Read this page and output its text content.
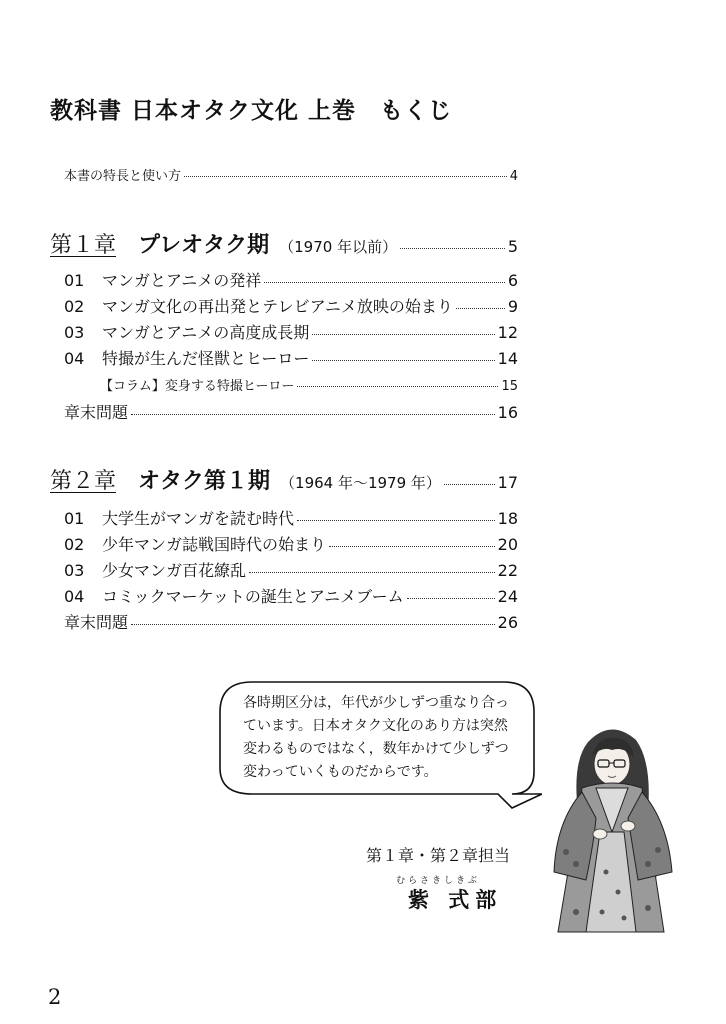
教科書 日本オタク文化 上巻　もくじ
本書の特長と使い方	4
第１章 プレオタク期 （1970 年以前）	5
01 マンガとアニメの発祥	6
02 マンガ文化の再出発とテレビアニメ放映の始まり	9
03 マンガとアニメの高度成長期	12
04 特撮が生んだ怪獣とヒーロー	14
【コラム】変身する特撮ヒーロー	15
章末問題	16
第２章 オタク第１期 （1964 年〜1979 年）	17
01 大学生がマンガを読む時代	18
02 少年マンガ誌戦国時代の始まり	20
03 少女マンガ百花繚乱	22
04 コミックマーケットの誕生とアニメブーム	24
章末問題	26
各時期区分は，年代が少しずつ重なり合っ
ています。日本オタク文化のあり方は突然
変わるものではなく，数年かけて少しずつ
変わっていくものだからです。
第１章・第２章担当
むらさきしきぶ
紫 式部
2
